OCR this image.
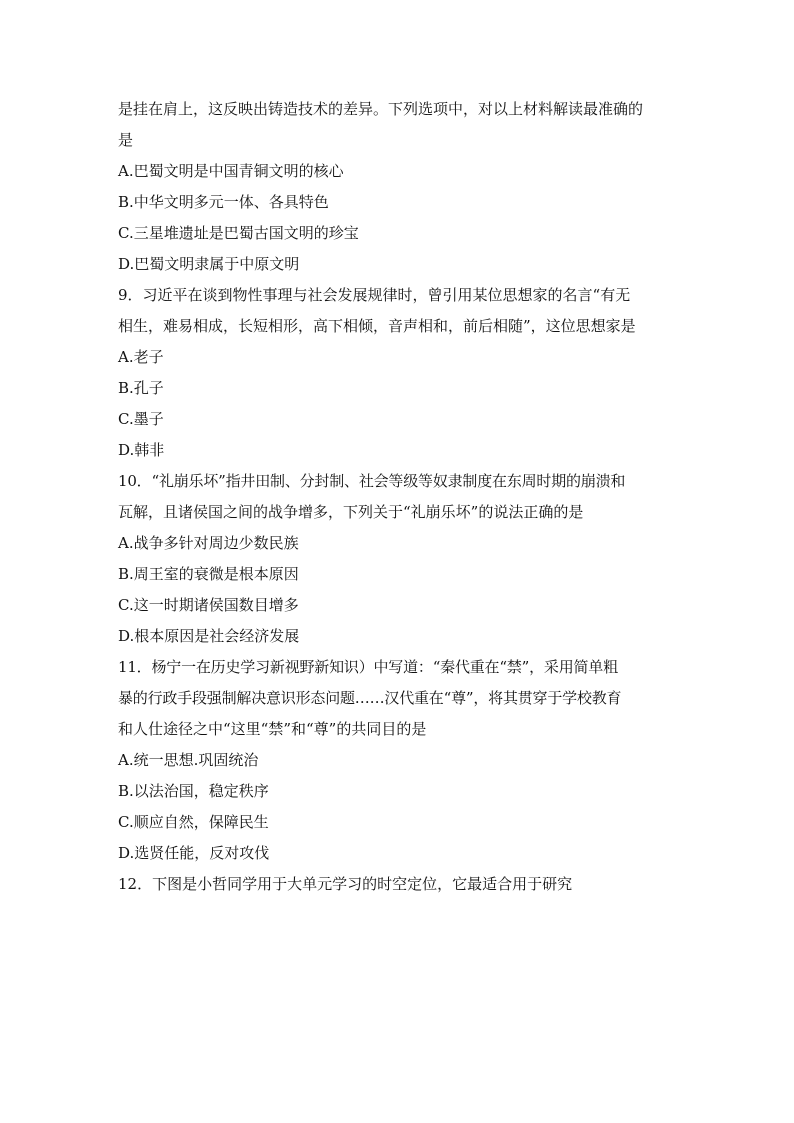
是挂在肩上，这反映出铸造技术的差异。下列选项中，对以上材料解读最准确的
是
A.巴蜀文明是中国青铜文明的核心
B.中华文明多元一体、各具特色
C.三星堆遗址是巴蜀古国文明的珍宝
D.巴蜀文明隶属于中原文明
9．习近平在谈到物性事理与社会发展规律时，曾引用某位思想家的名言“有无
相生，难易相成，长短相形，高下相倾，音声相和，前后相随”，这位思想家是
A.老子
B.孔子
C.墨子
D.韩非
10．“礼崩乐坏”指井田制、分封制、社会等级等奴隶制度在东周时期的崩溃和
瓦解，且诸侯国之间的战争增多，下列关于“礼崩乐坏”的说法正确的是
A.战争多针对周边少数民族
B.周王室的衰微是根本原因
C.这一时期诸侯国数目增多
D.根本原因是社会经济发展
11．杨宁一在历史学习新视野新知识）中写道：“秦代重在“禁”，采用简单粗
暴的行政手段强制解决意识形态问题……汉代重在“尊”，将其贯穿于学校教育
和人仕途径之中“这里“禁”和“尊”的共同目的是
A.统一思想.巩固统治
B.以法治国，稳定秩序
C.顺应自然，保障民生
D.选贤任能，反对攻伐
12．下图是小哲同学用于大单元学习的时空定位，它最适合用于研究
